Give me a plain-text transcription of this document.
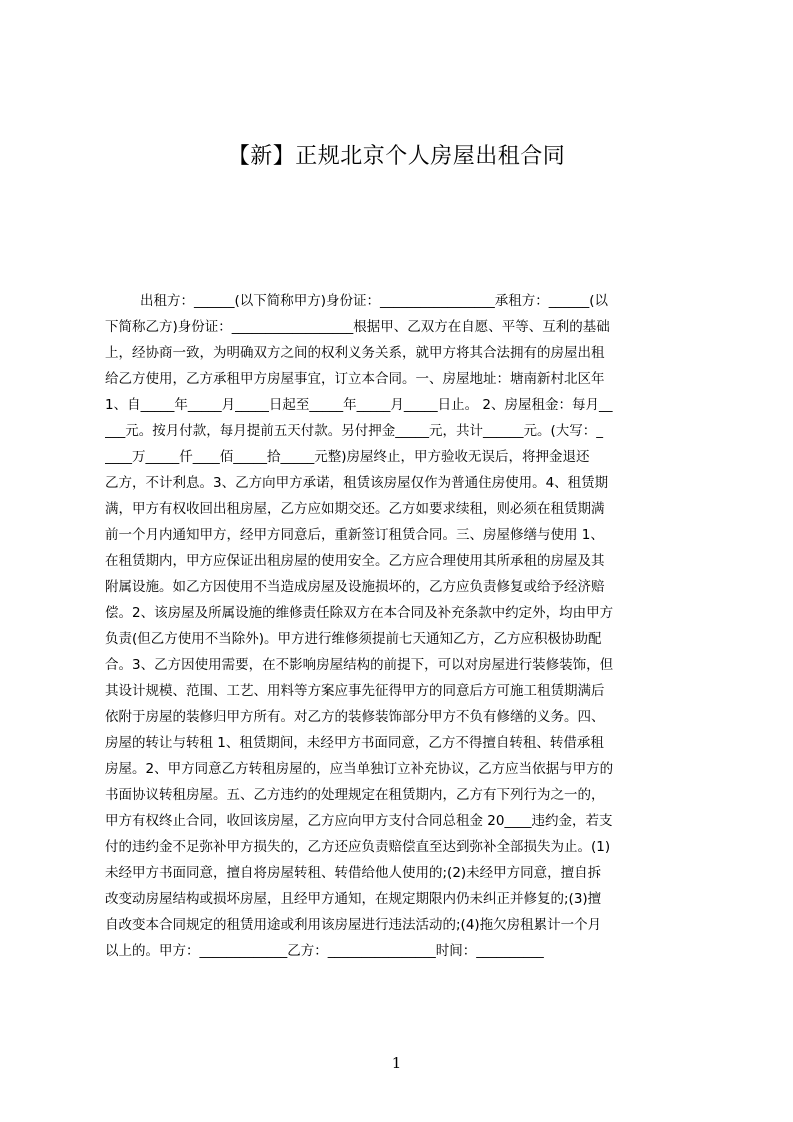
【新】正规北京个人房屋出租合同
出租方：______(以下简称甲方)身份证：_________________承租方：______(以
下简称乙方)身份证：__________________根据甲、乙双方在自愿、平等、互利的基础
上，经协商一致，为明确双方之间的权利义务关系，就甲方将其合法拥有的房屋出租
给乙方使用，乙方承租甲方房屋事宜，订立本合同。一、房屋地址：塘南新村北区年
1、自_____年_____月_____日起至_____年_____月_____日止。 2、房屋租金：每月__
___元。按月付款，每月提前五天付款。另付押金_____元，共计______元。(大写：_
____万_____仟____佰_____拾_____元整)房屋终止，甲方验收无误后，将押金退还
乙方，不计利息。3、乙方向甲方承诺，租赁该房屋仅作为普通住房使用。4、租赁期
满，甲方有权收回出租房屋，乙方应如期交还。乙方如要求续租，则必须在租赁期满
前一个月内通知甲方，经甲方同意后，重新签订租赁合同。三、房屋修缮与使用 1、
在租赁期内，甲方应保证出租房屋的使用安全。乙方应合理使用其所承租的房屋及其
附属设施。如乙方因使用不当造成房屋及设施损坏的，乙方应负责修复或给予经济赔
偿。2、该房屋及所属设施的维修责任除双方在本合同及补充条款中约定外，均由甲方
负责(但乙方使用不当除外)。甲方进行维修须提前七天通知乙方，乙方应积极协助配
合。3、乙方因使用需要，在不影响房屋结构的前提下，可以对房屋进行装修装饰，但
其设计规模、范围、工艺、用料等方案应事先征得甲方的同意后方可施工租赁期满后
依附于房屋的装修归甲方所有。对乙方的装修装饰部分甲方不负有修缮的义务。四、
房屋的转让与转租 1、租赁期间，未经甲方书面同意，乙方不得擅自转租、转借承租
房屋。2、甲方同意乙方转租房屋的，应当单独订立补充协议，乙方应当依据与甲方的
书面协议转租房屋。五、乙方违约的处理规定在租赁期内，乙方有下列行为之一的，
甲方有权终止合同，收回该房屋，乙方应向甲方支付合同总租金 20____违约金，若支
付的违约金不足弥补甲方损失的，乙方还应负责赔偿直至达到弥补全部损失为止。(1)
未经甲方书面同意，擅自将房屋转租、转借给他人使用的;(2)未经甲方同意，擅自拆
改变动房屋结构或损坏房屋，且经甲方通知，在规定期限内仍未纠正并修复的;(3)擅
自改变本合同规定的租赁用途或利用该房屋进行违法活动的;(4)拖欠房租累计一个月
以上的。甲方：_____________乙方：________________时间：__________
1
